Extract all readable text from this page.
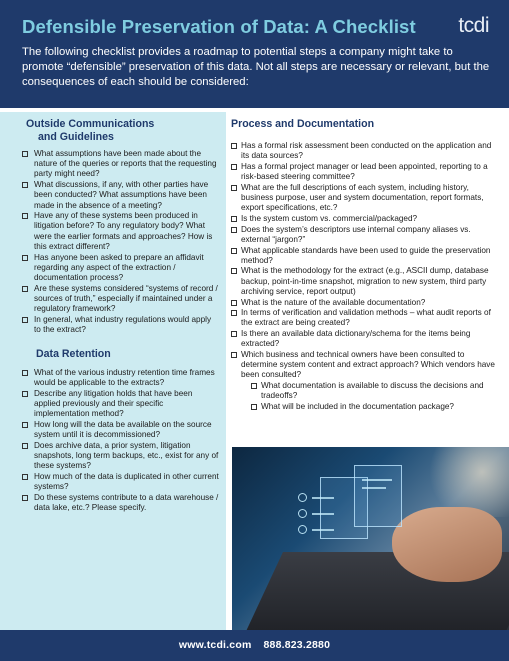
Defensible Preservation of Data: A Checklist tcdi
The following checklist provides a roadmap to potential steps a company might take to promote “defensible” preservation of this data. Not all steps are necessary or relevant, but the consequences of each should be considered:
Outside Communications
and Guidelines
What assumptions have been made about the nature of the queries or reports that the requesting party might need?
What discussions, if any, with other parties have been conducted? What assumptions have been made in the absence of a meeting?
Have any of these systems been produced in litigation before? To any regulatory body? What were the earlier formats and approaches? How is this extract different?
Has anyone been asked to prepare an affidavit regarding any aspect of the extraction / documentation process?
Are these systems considered “systems of record / sources of truth,” especially if maintained under a regulatory framework?
In general, what industry regulations would apply to the extract?
Data Retention
What of the various industry retention time frames would be applicable to the extracts?
Describe any litigation holds that have been applied previously and their specific implementation method?
How long will the data be available on the source system until it is decommissioned?
Does archive data, a prior system, litigation snapshots, long term backups, etc., exist for any of these systems?
How much of the data is duplicated in other current systems?
Do these systems contribute to a data warehouse / data lake, etc.? Please specify.
Process and Documentation
Has a formal risk assessment been conducted on the application and its data sources?
Has a formal project manager or lead been appointed, reporting to a risk-based steering committee?
What are the full descriptions of each system, including history, business purpose, user and system documentation, report formats, export specifications, etc.?
Is the system custom vs. commercial/packaged?
Does the system’s descriptors use internal company aliases vs. external “jargon?”
What applicable standards have been used to guide the preservation method?
What is the methodology for the extract (e.g., ASCII dump, database backup, point-in-time snapshot, migration to new system, third party archiving service, report output)
What is the nature of the available documentation?
In terms of verification and validation methods – what audit reports of the extract are being created?
Is there an available data dictionary/schema for the items being extracted?
Which business and technical owners have been consulted to determine system content and extract approach? Which vendors have been consulted?
What documentation is available to discuss the decisions and tradeoffs?
What will be included in the documentation package?
www.tcdi.com 888.823.2880
